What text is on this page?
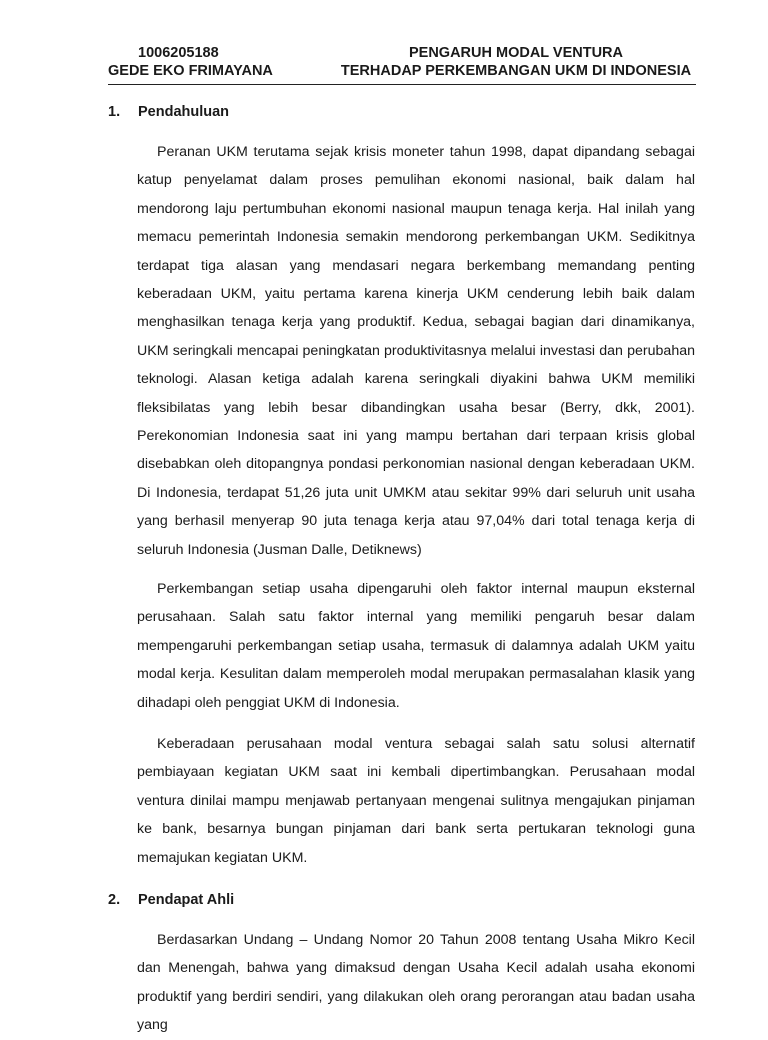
1006205188
GEDE EKO FRIMAYANA
PENGARUH MODAL VENTURA
TERHADAP PERKEMBANGAN UKM DI INDONESIA
1. Pendahuluan

Peranan UKM terutama sejak krisis moneter tahun 1998, dapat dipandang sebagai katup penyelamat dalam proses pemulihan ekonomi nasional, baik dalam hal mendorong laju pertumbuhan ekonomi nasional maupun tenaga kerja. Hal inilah yang memacu pemerintah Indonesia semakin mendorong perkembangan UKM. Sedikitnya terdapat tiga alasan yang mendasari negara berkembang memandang penting keberadaan UKM, yaitu pertama karena kinerja UKM cenderung lebih baik dalam menghasilkan tenaga kerja yang produktif. Kedua, sebagai bagian dari dinamikanya, UKM seringkali mencapai peningkatan produktivitasnya melalui investasi dan perubahan teknologi. Alasan ketiga adalah karena seringkali diyakini bahwa UKM memiliki fleksibilatas yang lebih besar dibandingkan usaha besar (Berry, dkk, 2001). Perekonomian Indonesia saat ini yang mampu bertahan dari terpaan krisis global disebabkan oleh ditopangnya pondasi perkonomian nasional dengan keberadaan UKM. Di Indonesia, terdapat 51,26 juta unit UMKM atau sekitar 99% dari seluruh unit usaha yang berhasil menyerap 90 juta tenaga kerja atau 97,04% dari total tenaga kerja di seluruh Indonesia (Jusman Dalle, Detiknews)

Perkembangan setiap usaha dipengaruhi oleh faktor internal maupun eksternal perusahaan. Salah satu faktor internal yang memiliki pengaruh besar dalam mempengaruhi perkembangan setiap usaha, termasuk di dalamnya adalah UKM yaitu modal kerja. Kesulitan dalam memperoleh modal merupakan permasalahan klasik yang dihadapi oleh penggiat UKM di Indonesia.

Keberadaan perusahaan modal ventura sebagai salah satu solusi alternatif pembiayaan kegiatan UKM saat ini kembali dipertimbangkan. Perusahaan modal ventura dinilai mampu menjawab pertanyaan mengenai sulitnya mengajukan pinjaman ke bank, besarnya bungan pinjaman dari bank serta pertukaran teknologi guna memajukan kegiatan UKM.

2. Pendapat Ahli

Berdasarkan Undang – Undang Nomor 20 Tahun 2008 tentang Usaha Mikro Kecil dan Menengah, bahwa yang dimaksud dengan Usaha Kecil adalah usaha ekonomi produktif yang berdiri sendiri, yang dilakukan oleh orang perorangan atau badan usaha yang
